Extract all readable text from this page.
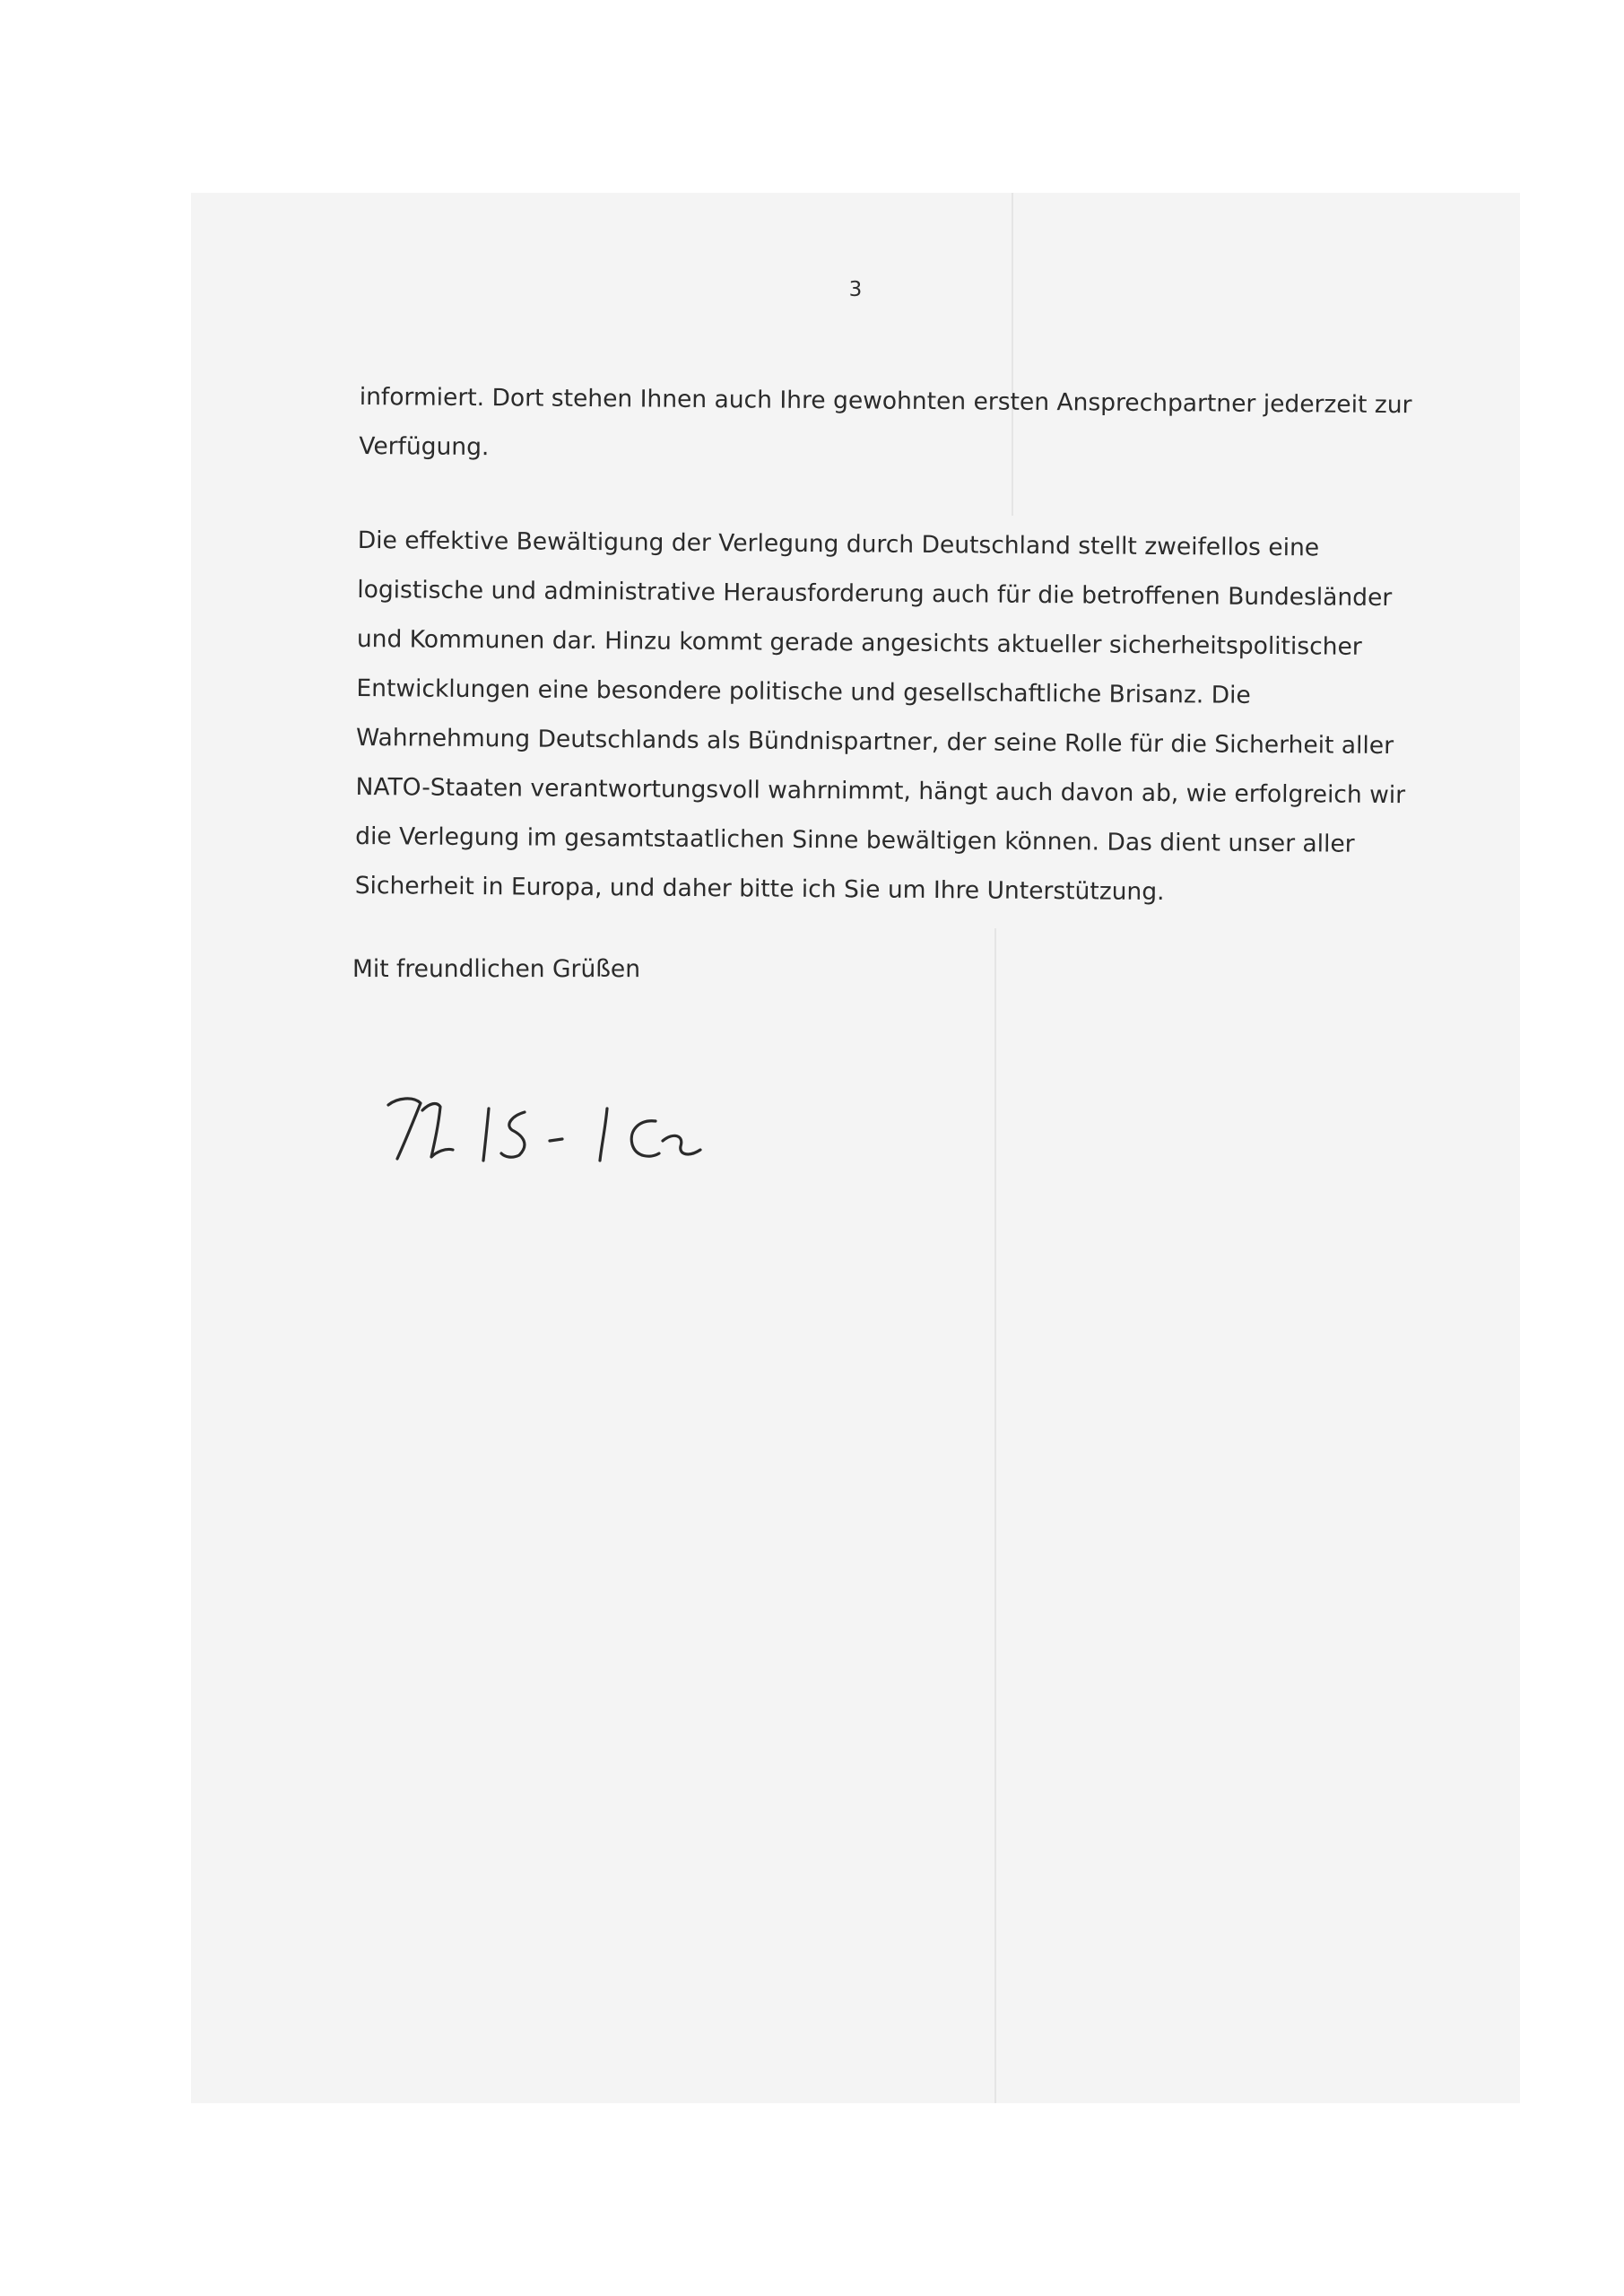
3

informiert. Dort stehen Ihnen auch Ihre gewohnten ersten Ansprechpartner jederzeit zur Verfügung.

Die effektive Bewältigung der Verlegung durch Deutschland stellt zweifellos eine logistische und administrative Herausforderung auch für die betroffenen Bundesländer und Kommunen dar. Hinzu kommt gerade angesichts aktueller sicherheitspolitischer Entwicklungen eine besondere politische und gesellschaftliche Brisanz. Die Wahrnehmung Deutschlands als Bündnispartner, der seine Rolle für die Sicherheit aller NATO-Staaten verantwortungsvoll wahrnimmt, hängt auch davon ab, wie erfolgreich wir die Verlegung im gesamtstaatlichen Sinne bewältigen können. Das dient unser aller Sicherheit in Europa, und daher bitte ich Sie um Ihre Unterstützung.

Mit freundlichen Grüßen
